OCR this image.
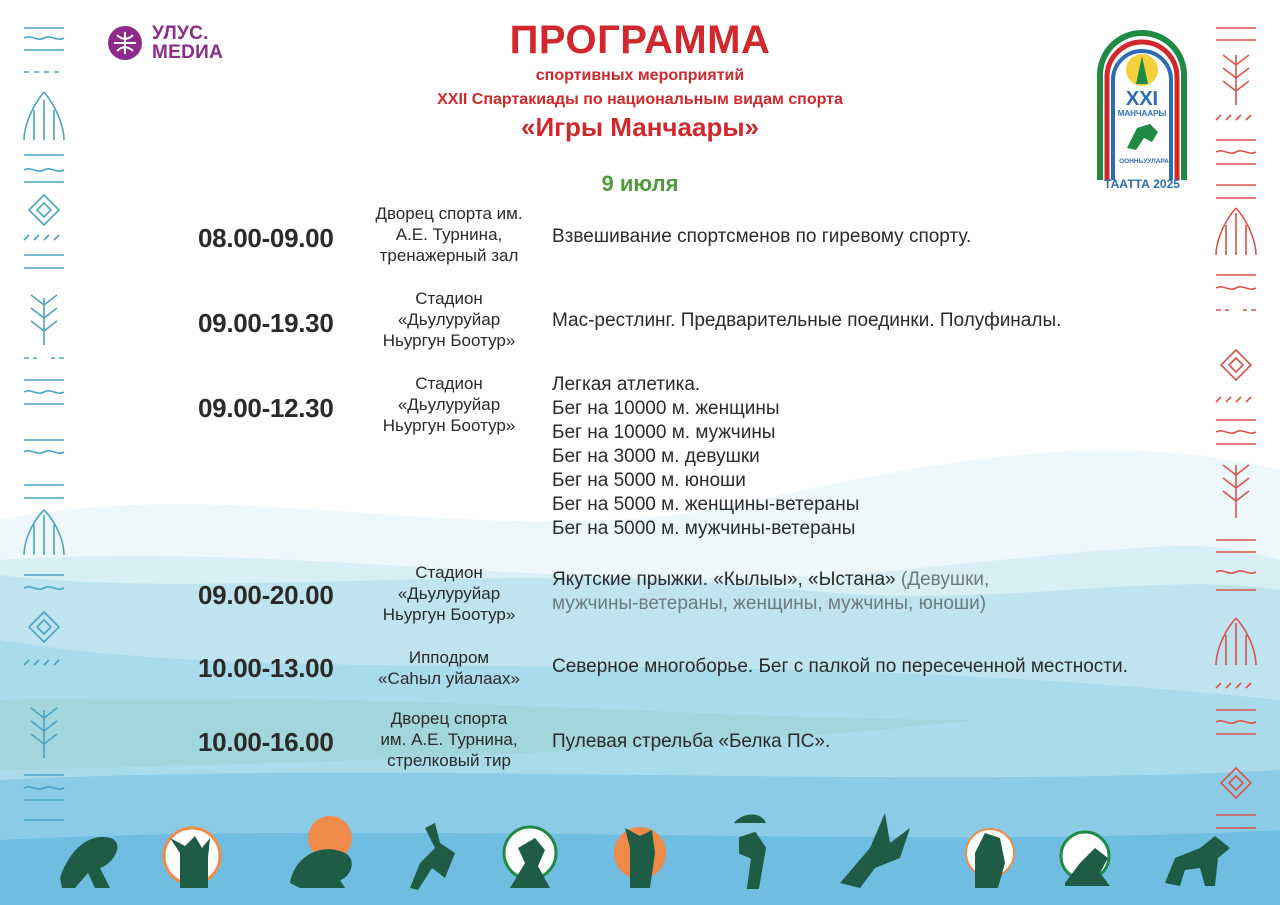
УЛУС.
МЕDИА
XXI
МАНЧААРЫ
ООННЬУУЛАРА
ТААТТА 2025
ПРОГРАММА
спортивных мероприятий
XXII Спартакиады по национальным видам спорта
«Игры Манчаары»
9 июля
08.00-09.00
Дворец спорта им.
А.Е. Турнина,
тренажерный зал
Взвешивание спортсменов по гиревому спорту.
09.00-19.30
Стадион
«Дьулуруйар
Ньургун Боотур»
Мас-рестлинг. Предварительные поединки. Полуфиналы.
09.00-12.30
Стадион
«Дьулуруйар
Ньургун Боотур»
Легкая атлетика.
Бег на 10000 м. женщины
Бег на 10000 м. мужчины
Бег на 3000 м. девушки
Бег на 5000 м. юноши
Бег на 5000 м. женщины-ветераны
Бег на 5000 м. мужчины-ветераны
09.00-20.00
Стадион
«Дьулуруйар
Ньургун Боотур»
Якутские прыжки. «Кылыы», «Ыстана» (Девушки,
мужчины-ветераны, женщины, мужчины, юноши)
10.00-13.00	Ипподром
«Саhыл уйалаах»
Северное многоборье. Бег с палкой по пересеченной местности.
10.00-16.00
Дворец спорта
им. А.Е. Турнина,
стрелковый тир
Пулевая стрельба «Белка ПС».
